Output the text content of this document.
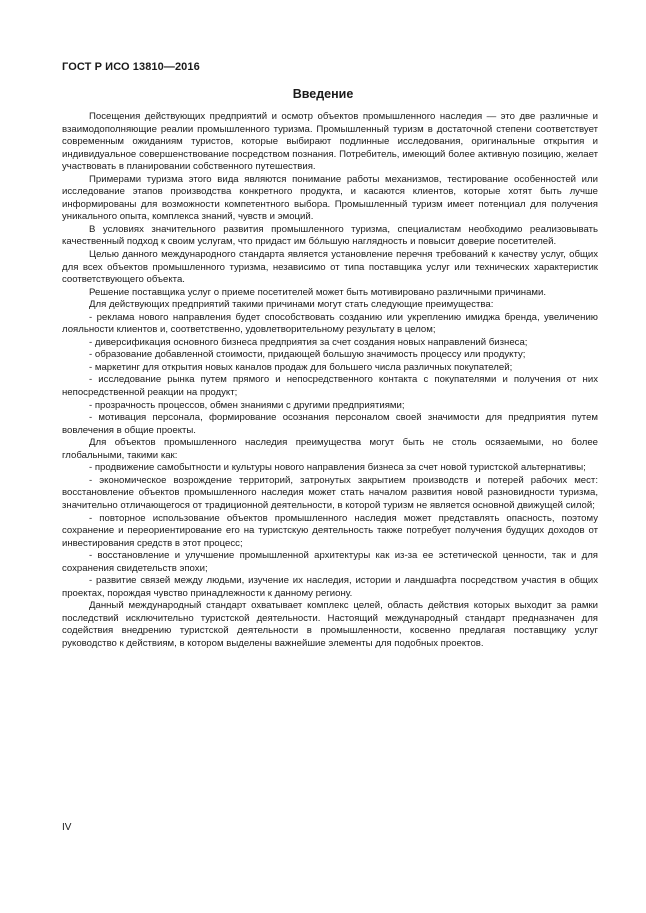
ГОСТ Р ИСО 13810—2016
Введение

Посещения действующих предприятий и осмотр объектов промышленного наследия — это две различные и взаимодополняющие реалии промышленного туризма. Промышленный туризм в достаточной степени соответствует современным ожиданиям туристов, которые выбирают подлинные исследования, оригинальные открытия и индивидуальное совершенствование посредством познания. Потребитель, имеющий более активную позицию, желает участвовать в планировании собственного путешествия.

Примерами туризма этого вида являются понимание работы механизмов, тестирование особенностей или исследование этапов производства конкретного продукта, и касаются клиентов, которые хотят быть лучше информированы для возможности компетентного выбора. Промышленный туризм имеет потенциал для получения уникального опыта, комплекса знаний, чувств и эмоций.

В условиях значительного развития промышленного туризма, специалистам необходимо реализовывать качественный подход к своим услугам, что придаст им бóльшую наглядность и повысит доверие посетителей.

Целью данного международного стандарта является установление перечня требований к качеству услуг, общих для всех объектов промышленного туризма, независимо от типа поставщика услуг или технических характеристик соответствующего объекта.

Решение поставщика услуг о приеме посетителей может быть мотивировано различными причинами.

Для действующих предприятий такими причинами могут стать следующие преимущества:

- реклама нового направления будет способствовать созданию или укреплению имиджа бренда, увеличению лояльности клиентов и, соответственно, удовлетворительному результату в целом;

- диверсификация основного бизнеса предприятия за счет создания новых направлений бизнеса;

- образование добавленной стоимости, придающей большую значимость процессу или продукту;

- маркетинг для открытия новых каналов продаж для большего числа различных покупателей;

- исследование рынка путем прямого и непосредственного контакта с покупателями и получения от них непосредственной реакции на продукт;

- прозрачность процессов, обмен знаниями с другими предприятиями;

- мотивация персонала, формирование осознания персоналом своей значимости для предприятия путем вовлечения в общие проекты.

Для объектов промышленного наследия преимущества могут быть не столь осязаемыми, но более глобальными, такими как:

- продвижение самобытности и культуры нового направления бизнеса за счет новой туристской альтернативы;

- экономическое возрождение территорий, затронутых закрытием производств и потерей рабочих мест: восстановление объектов промышленного наследия может стать началом развития новой разновидности туризма, значительно отличающегося от традиционной деятельности, в которой туризм не является основной движущей силой;

- повторное использование объектов промышленного наследия может представлять опасность, поэтому сохранение и переориентирование его на туристскую деятельность также потребует получения будущих доходов от инвестирования средств в этот процесс;

- восстановление и улучшение промышленной архитектуры как из-за ее эстетической ценности, так и для сохранения свидетельств эпохи;

- развитие связей между людьми, изучение их наследия, истории и ландшафта посредством участия в общих проектах, порождая чувство принадлежности к данному региону.

Данный международный стандарт охватывает комплекс целей, область действия которых выходит за рамки последствий исключительно туристской деятельности. Настоящий международный стандарт предназначен для содействия внедрению туристской деятельности в промышленности, косвенно предлагая поставщику услуг руководство к действиям, в котором выделены важнейшие элементы для подобных проектов.

IV
